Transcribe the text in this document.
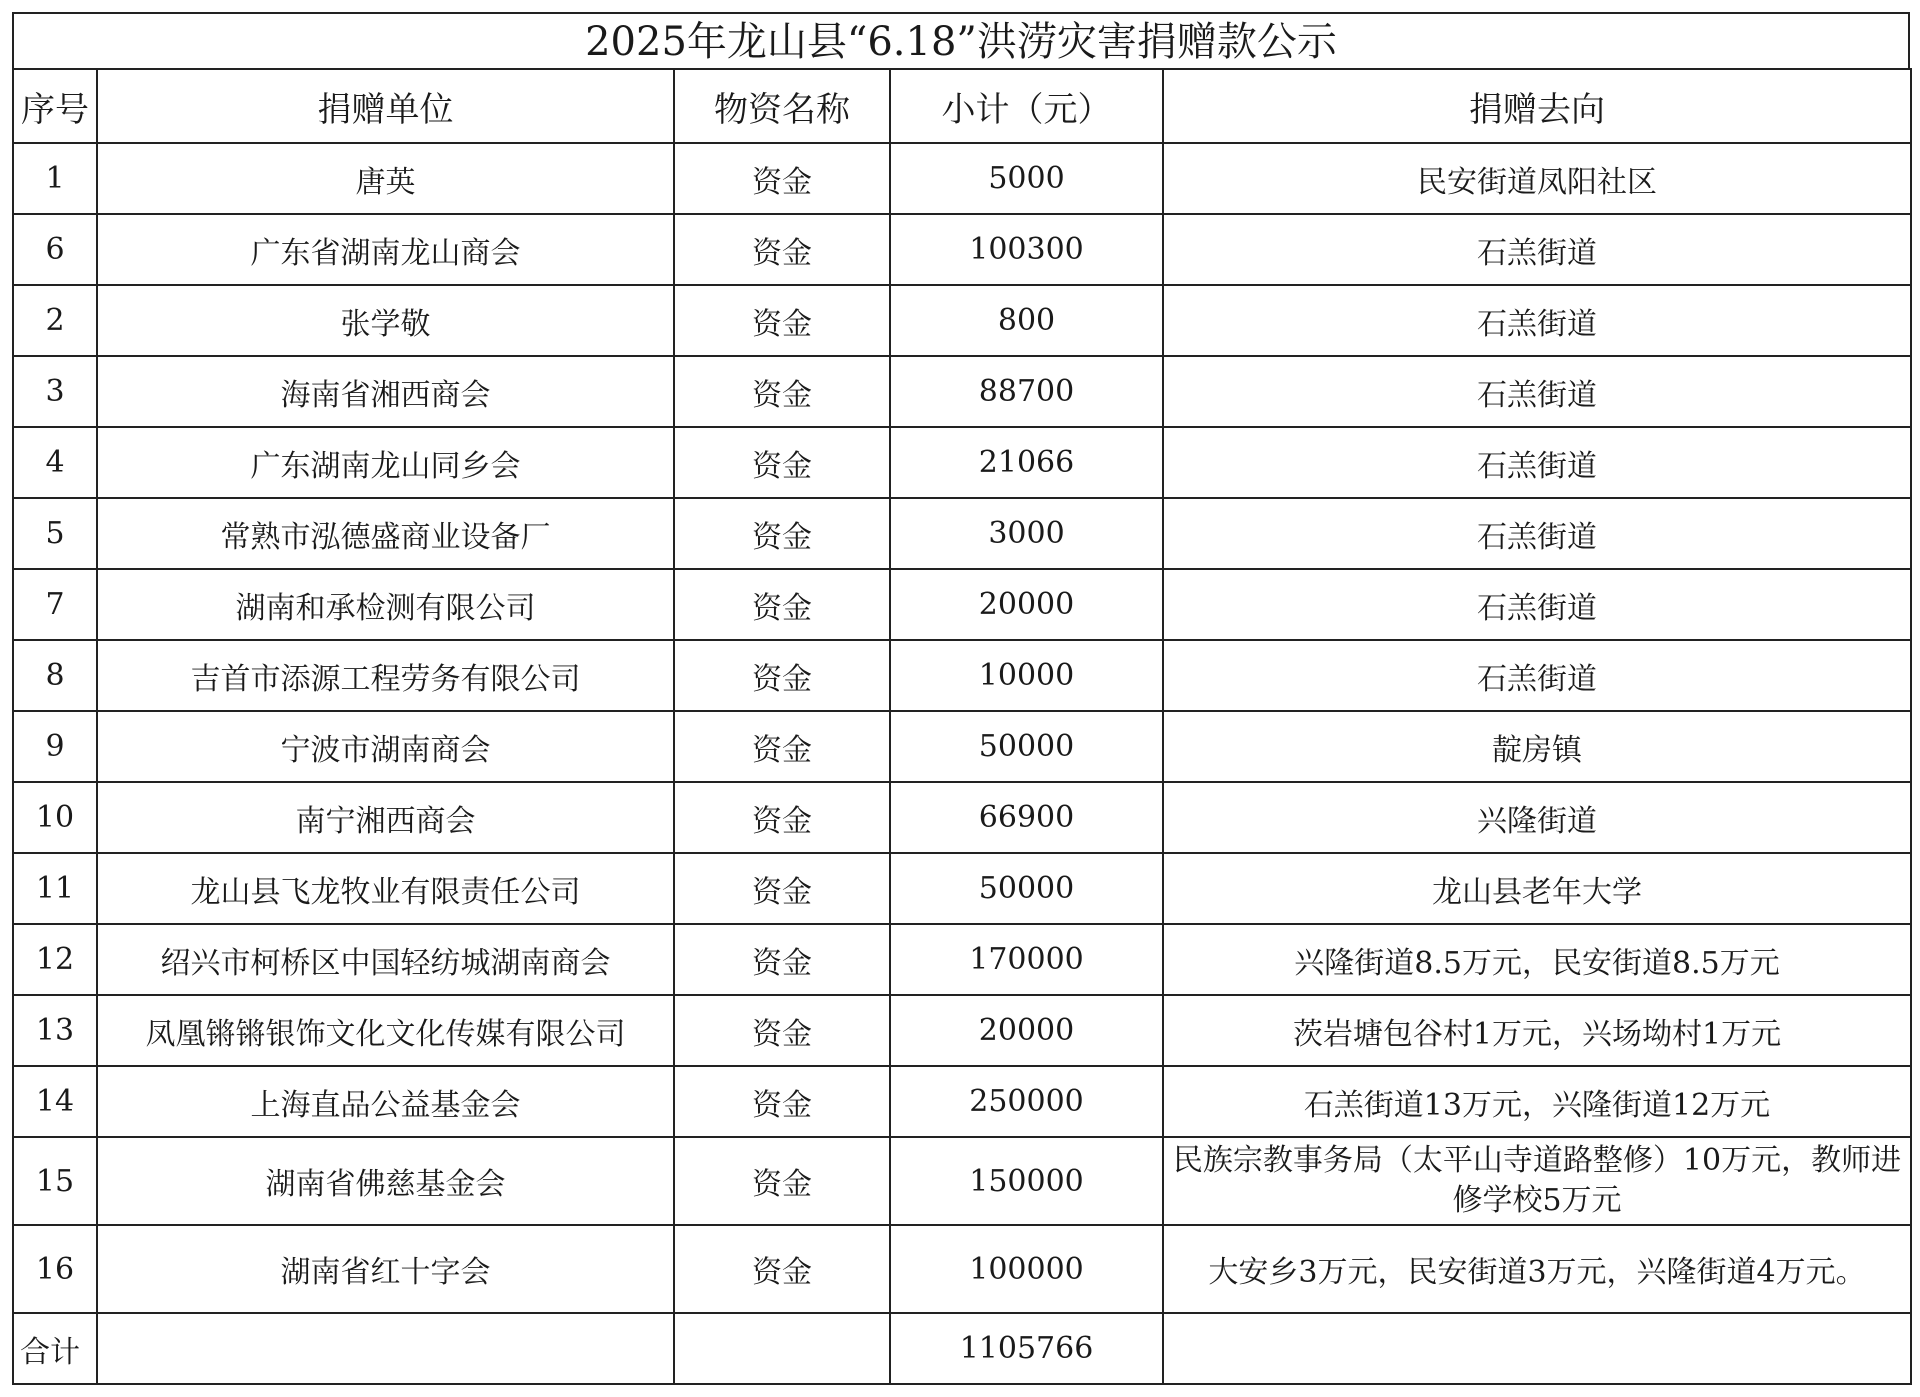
2025年龙山县“6.18”洪涝灾害捐赠款公示
序号	捐赠单位	物资名称	小计（元）	捐赠去向
1	唐英	资金	5000	民安街道凤阳社区
6	广东省湖南龙山商会	资金	100300	石羔街道
2	张学敬	资金	800	石羔街道
3	海南省湘西商会	资金	88700	石羔街道
4	广东湖南龙山同乡会	资金	21066	石羔街道
5	常熟市泓德盛商业设备厂	资金	3000	石羔街道
7	湖南和承检测有限公司	资金	20000	石羔街道
8	吉首市添源工程劳务有限公司	资金	10000	石羔街道
9	宁波市湖南商会	资金	50000	靛房镇
10	南宁湘西商会	资金	66900	兴隆街道
11	龙山县飞龙牧业有限责任公司	资金	50000	龙山县老年大学
12	绍兴市柯桥区中国轻纺城湖南商会	资金	170000	兴隆街道8.5万元，民安街道8.5万元
13	凤凰锵锵银饰文化文化传媒有限公司	资金	20000	茨岩塘包谷村1万元，兴场坳村1万元
14	上海直品公益基金会	资金	250000	石羔街道13万元，兴隆街道12万元
15	湖南省佛慈基金会	资金	150000	民族宗教事务局（太平山寺道路整修）10万元，教师进修学校5万元
16	湖南省红十字会	资金	100000	大安乡3万元，民安街道3万元，兴隆街道4万元。
合计			1105766	
